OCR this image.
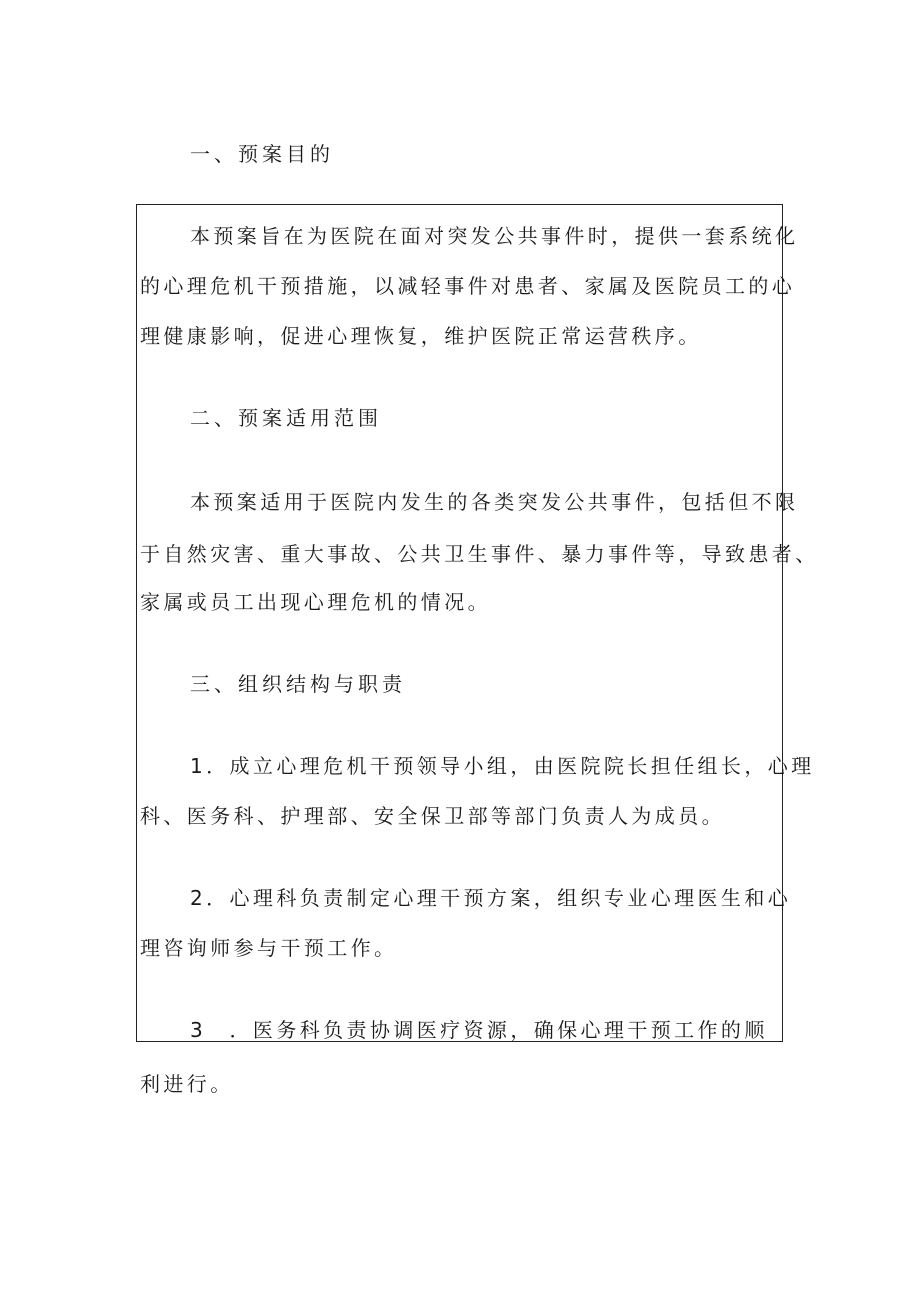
一、预案目的
本预案旨在为医院在面对突发公共事件时，提供一套系统化
的心理危机干预措施，以减轻事件对患者、家属及医院员工的心
理健康影响，促进心理恢复，维护医院正常运营秩序。
二、预案适用范围
本预案适用于医院内发生的各类突发公共事件，包括但不限
于自然灾害、重大事故、公共卫生事件、暴力事件等，导致患者、
家属或员工出现心理危机的情况。
三、组织结构与职责
1．成立心理危机干预领导小组，由医院院长担任组长，心理
科、医务科、护理部、安全保卫部等部门负责人为成员。
2．心理科负责制定心理干预方案，组织专业心理医生和心
理咨询师参与干预工作。
3　．医务科负责协调医疗资源，确保心理干预工作的顺
利进行。
